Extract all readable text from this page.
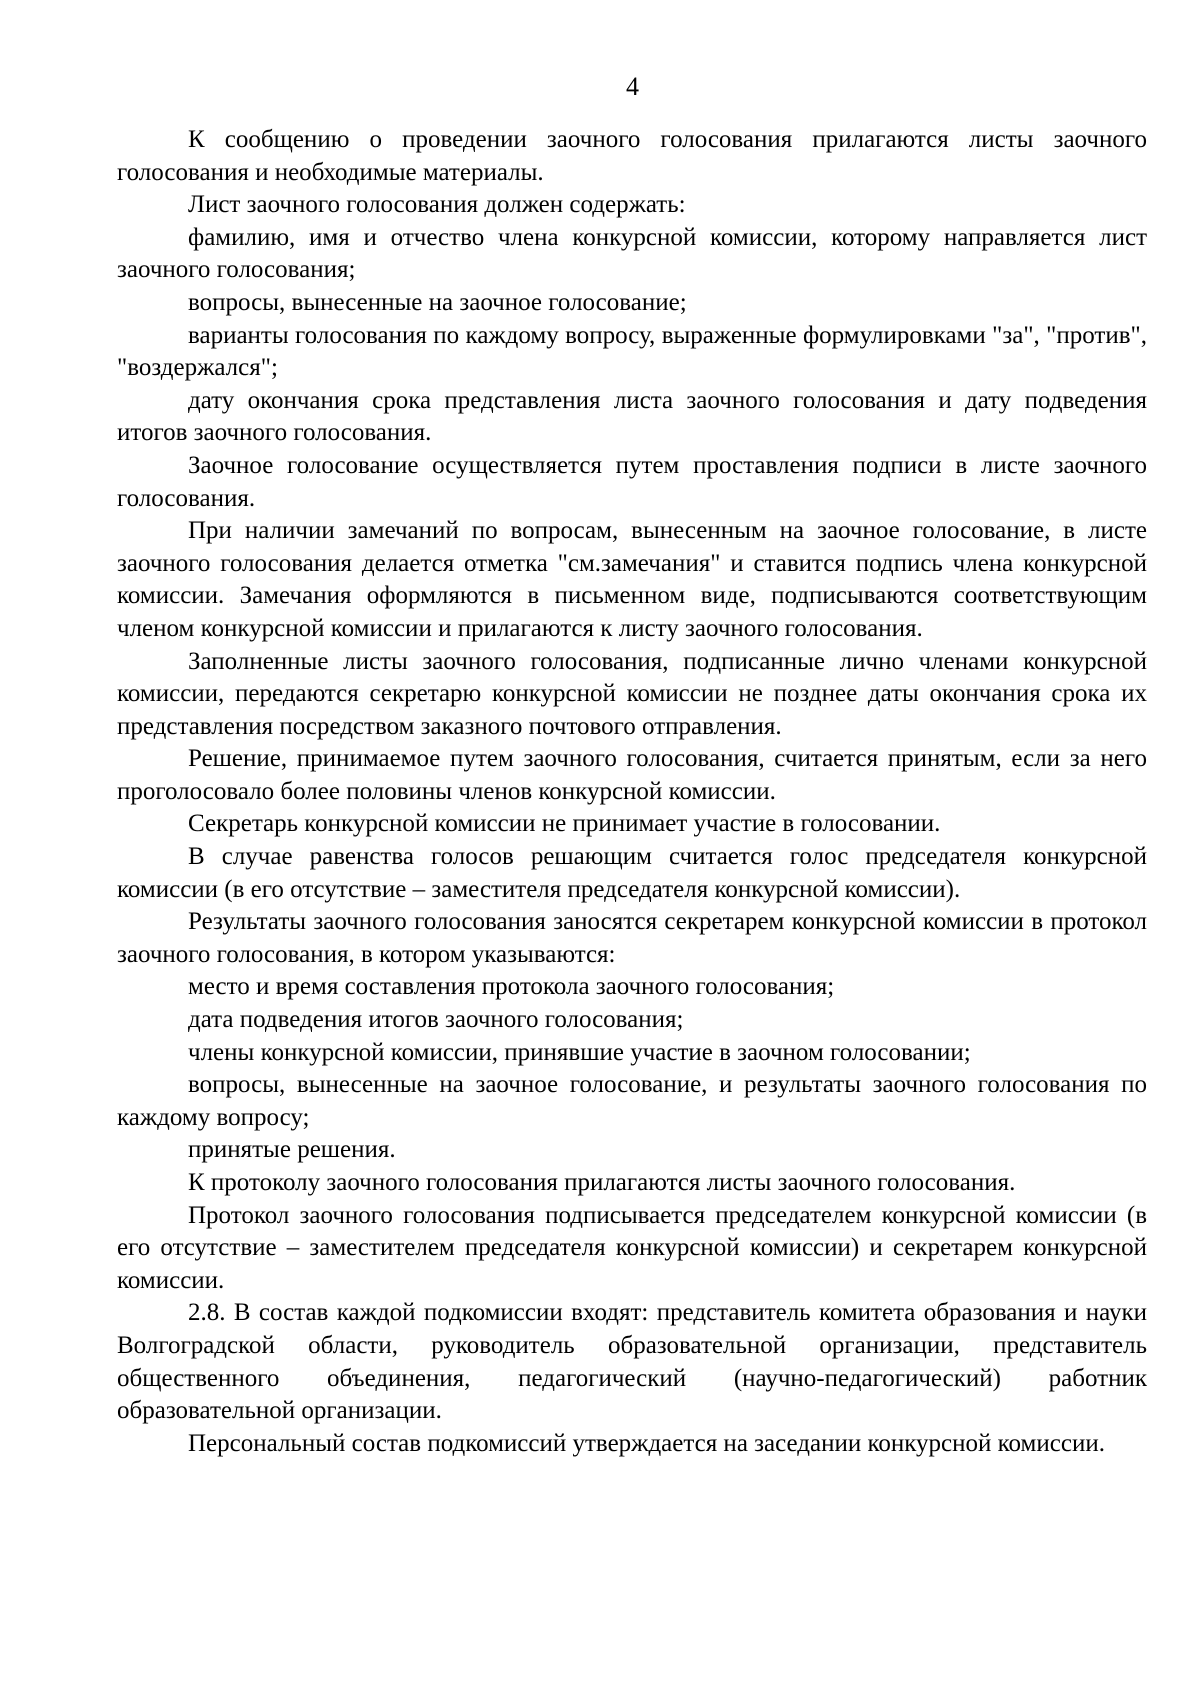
4

К сообщению о проведении заочного голосования прилагаются листы заочного голосования и необходимые материалы.

Лист заочного голосования должен содержать:

фамилию, имя и отчество члена конкурсной комиссии, которому направляется лист заочного голосования;

вопросы, вынесенные на заочное голосование;

варианты голосования по каждому вопросу, выраженные формулировками "за", "против", "воздержался";

дату окончания срока представления листа заочного голосования и дату подведения итогов заочного голосования.

Заочное голосование осуществляется путем проставления подписи в листе заочного голосования.

При наличии замечаний по вопросам, вынесенным на заочное голосование, в листе заочного голосования делается отметка "см.замечания" и ставится подпись члена конкурсной комиссии. Замечания оформляются в письменном виде, подписываются соответствующим членом конкурсной комиссии и прилагаются к листу заочного голосования.

Заполненные листы заочного голосования, подписанные лично членами конкурсной комиссии, передаются секретарю конкурсной комиссии не позднее даты окончания срока их представления посредством заказного почтового отправления.

Решение, принимаемое путем заочного голосования, считается принятым, если за него проголосовало более половины членов конкурсной комиссии.

Секретарь конкурсной комиссии не принимает участие в голосовании.

В случае равенства голосов решающим считается голос председателя конкурсной комиссии (в его отсутствие – заместителя председателя конкурсной комиссии).

Результаты заочного голосования заносятся секретарем конкурсной комиссии в протокол заочного голосования, в котором указываются:

место и время составления протокола заочного голосования;

дата подведения итогов заочного голосования;

члены конкурсной комиссии, принявшие участие в заочном голосовании;

вопросы, вынесенные на заочное голосование, и результаты заочного голосования по каждому вопросу;

принятые решения.

К протоколу заочного голосования прилагаются листы заочного голосования.

Протокол заочного голосования подписывается председателем конкурсной комиссии (в его отсутствие – заместителем председателя конкурсной комиссии) и секретарем конкурсной комиссии.

2.8. В состав каждой подкомиссии входят: представитель комитета образования и науки Волгоградской области, руководитель образовательной организации, представитель общественного объединения, педагогический (научно-педагогический) работник образовательной организации.

Персональный состав подкомиссий утверждается на заседании конкурсной комиссии.
